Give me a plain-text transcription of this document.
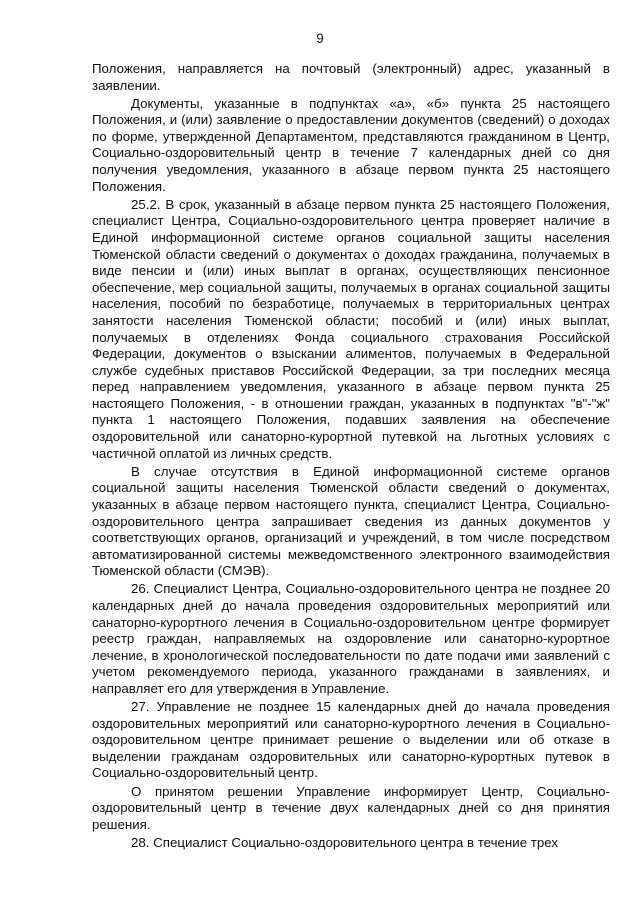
9

Положения, направляется на почтовый (электронный) адрес, указанный в заявлении.

Документы, указанные в подпунктах «а», «б» пункта 25 настоящего Положения, и (или) заявление о предоставлении документов (сведений) о доходах по форме, утвержденной Департаментом, представляются гражданином в Центр, Социально-оздоровительный центр в течение 7 календарных дней со дня получения уведомления, указанного в абзаце первом пункта 25 настоящего Положения.

25.2. В срок, указанный в абзаце первом пункта 25 настоящего Положения, специалист Центра, Социально-оздоровительного центра проверяет наличие в Единой информационной системе органов социальной защиты населения Тюменской области сведений о документах о доходах гражданина, получаемых в виде пенсии и (или) иных выплат в органах, осуществляющих пенсионное обеспечение, мер социальной защиты, получаемых в органах социальной защиты населения, пособий по безработице, получаемых в территориальных центрах занятости населения Тюменской области; пособий и (или) иных выплат, получаемых в отделениях Фонда социального страхования Российской Федерации, документов о взыскании алиментов, получаемых в Федеральной службе судебных приставов Российской Федерации, за три последних месяца перед направлением уведомления, указанного в абзаце первом пункта 25 настоящего Положения, - в отношении граждан, указанных в подпунктах "в"-"ж" пункта 1 настоящего Положения, подавших заявления на обеспечение оздоровительной или санаторно-курортной путевкой на льготных условиях с частичной оплатой из личных средств.

В случае отсутствия в Единой информационной системе органов социальной защиты населения Тюменской области сведений о документах, указанных в абзаце первом настоящего пункта, специалист Центра, Социально-оздоровительного центра запрашивает сведения из данных документов у соответствующих органов, организаций и учреждений, в том числе посредством автоматизированной системы межведомственного электронного взаимодействия Тюменской области (СМЭВ).

26. Специалист Центра, Социально-оздоровительного центра не позднее 20 календарных дней до начала проведения оздоровительных мероприятий или санаторно-курортного лечения в Социально-оздоровительном центре формирует реестр граждан, направляемых на оздоровление или санаторно-курортное лечение, в хронологической последовательности по дате подачи ими заявлений с учетом рекомендуемого периода, указанного гражданами в заявлениях, и направляет его для утверждения в Управление.

27. Управление не позднее 15 календарных дней до начала проведения оздоровительных мероприятий или санаторно-курортного лечения в Социально-оздоровительном центре принимает решение о выделении или об отказе в выделении гражданам оздоровительных или санаторно-курортных путевок в Социально-оздоровительный центр.

О принятом решении Управление информирует Центр, Социально-оздоровительный центр в течение двух календарных дней со дня принятия решения.

28. Специалист Социально-оздоровительного центра в течение трех
